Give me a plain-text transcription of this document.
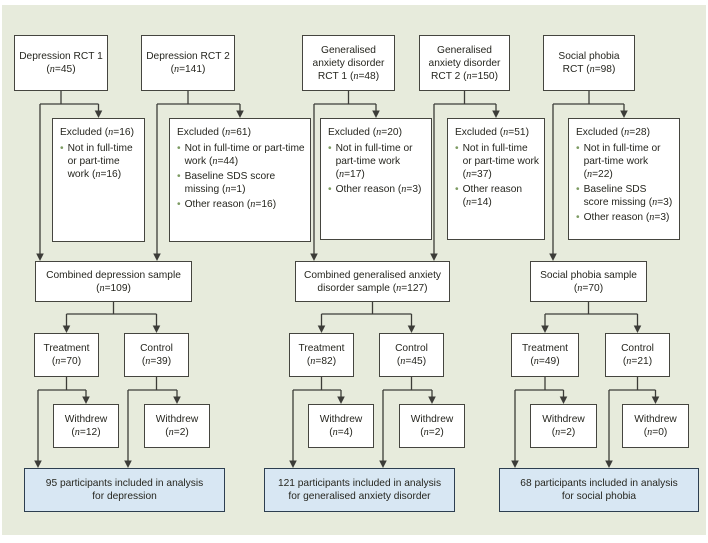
Depression RCT 1
(n=45)
Excluded (n=16)
• Not in full-time or part-time work (n=16)
Depression RCT 2
(n=141)
Excluded (n=61)
• Not in full-time or part-time work (n=44)
• Baseline SDS score missing (n=1)
• Other reason (n=16)
Combined depression sample
(n=109)
Treatment
(n=70)
Withdrew
(n=12)
Control
(n=39)
Withdrew
(n=2)
95 participants included in analysis
for depression
Generalised
anxiety disorder
RCT 1 (n=48)
Excluded (n=20)
• Not in full-time or part-time work (n=17)
• Other reason (n=3)
Generalised
anxiety disorder
RCT 2 (n=150)
Excluded (n=51)
• Not in full-time or part-time work (n=37)
• Other reason (n=14)
Combined generalised anxiety
disorder sample (n=127)
Treatment
(n=82)
Withdrew
(n=4)
Control
(n=45)
Withdrew
(n=2)
121 participants included in analysis
for generalised anxiety disorder
Social phobia
RCT (n=98)
Excluded (n=28)
• Not in full-time or part-time work (n=22)
• Baseline SDS score missing (n=3)
• Other reason (n=3)
Social phobia sample
(n=70)
Treatment
(n=49)
Withdrew
(n=2)
Control
(n=21)
Withdrew
(n=0)
68 participants included in analysis
for social phobia
